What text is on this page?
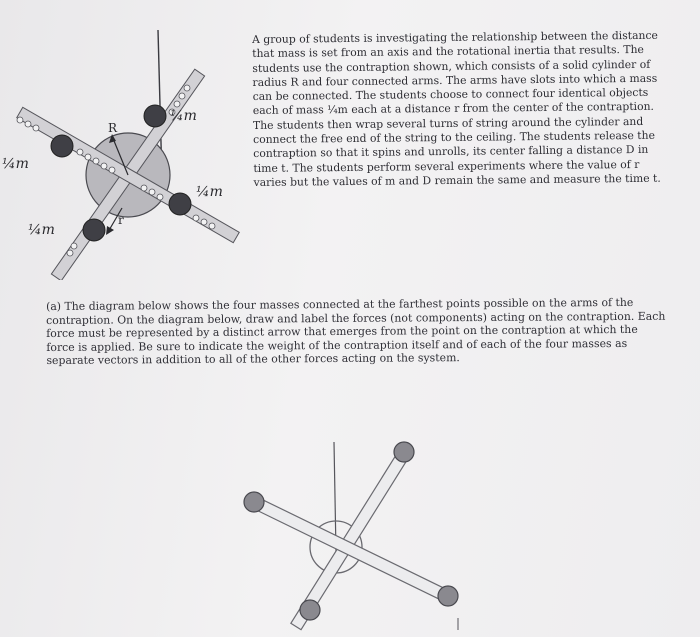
¼m
¼m
¼m
¼m
R
r

A group of students is investigating the relationship between the distance that mass is set from an axis and the rotational inertia that results. The students use the contraption shown, which consists of a solid cylinder of radius R and four connected arms. The arms have slots into which a mass can be connected. The students choose to connect four identical objects each of mass ¼m each at a distance r from the center of the contraption. The students then wrap several turns of string around the cylinder and connect the free end of the string to the ceiling. The students release the contraption so that it spins and unrolls, its center falling a distance D in time t. The students perform several experiments where the value of r varies but the values of m and D remain the same and measure the time t.

(a) The diagram below shows the four masses connected at the farthest points possible on the arms of the contraption. On the diagram below, draw and label the forces (not components) acting on the contraption. Each force must be represented by a distinct arrow that emerges from the point on the contraption at which the force is applied. Be sure to indicate the weight of the contraption itself and of each of the four masses as separate vectors in addition to all of the other forces acting on the system.
